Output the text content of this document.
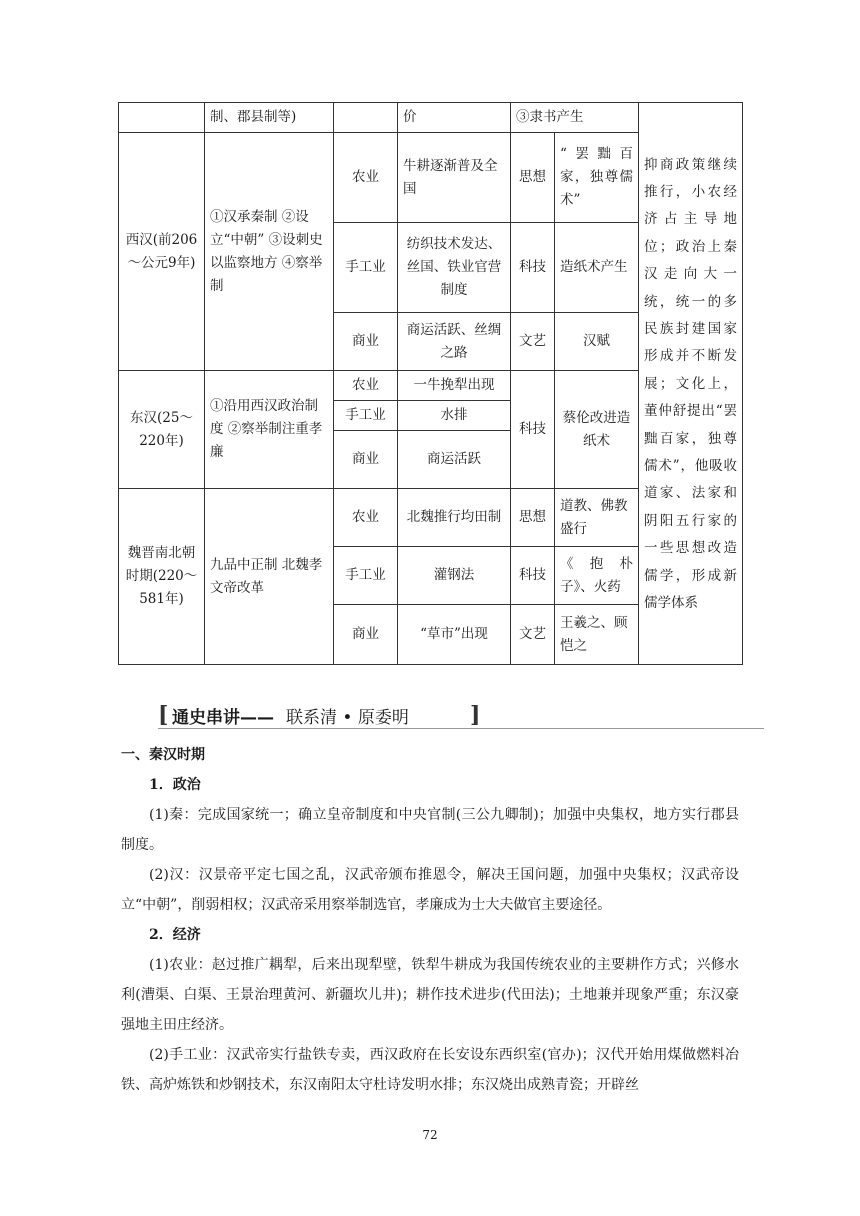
	制、郡县制等)		价	③隶书产生		抑商政策继续推行，小农经济占主导地位；政治上秦汉走向大一统，统一的多民族封建国家形成并不断发展；文化上，董仲舒提出“罢黜百家，独尊儒术”，他吸收道家、法家和阴阳五行家的一些思想改造儒学，形成新儒学体系
西汉(前206～公元9年)	①汉承秦制 ②设立“中朝” ③设刺史以监察地方 ④察举制	农业	牛耕逐渐普及全国	思想	“罢黜百家，独尊儒术”	
		手工业	纺织技术发达、丝国、铁业官营制度	科技	造纸术产生	
		商业	商运活跃、丝绸之路	文艺	汉赋	
东汉(25～220年)	①沿用西汉政治制度 ②察举制注重孝廉	农业	一牛挽犁出现	科技	蔡伦改进造纸术	
		手工业	水排			
		商业	商运活跃			
魏晋南北朝时期(220～581年)	九品中正制 北魏孝文帝改革	农业	北魏推行均田制	思想	道教、佛教盛行	
		手工业	灌钢法	科技	《抱朴子》、火药	
		商业	“草市”出现	文艺	王羲之、顾恺之	
[ 通史串讲—— 联系清 • 原委明	]
一、秦汉时期
1．政治
(1)秦：完成国家统一；确立皇帝制度和中央官制(三公九卿制)；加强中央集权，地方实行郡县制度。
(2)汉：汉景帝平定七国之乱，汉武帝颁布推恩令，解决王国问题，加强中央集权；汉武帝设立“中朝”，削弱相权；汉武帝采用察举制选官，孝廉成为士大夫做官主要途径。
2．经济
(1)农业：赵过推广耦犁，后来出现犁壁，铁犁牛耕成为我国传统农业的主要耕作方式；兴修水利(漕渠、白渠、王景治理黄河、新疆坎儿井)；耕作技术进步(代田法)；土地兼并现象严重；东汉豪强地主田庄经济。
(2)手工业：汉武帝实行盐铁专卖，西汉政府在长安设东西织室(官办)；汉代开始用煤做燃料冶铁、高炉炼铁和炒钢技术，东汉南阳太守杜诗发明水排；东汉烧出成熟青瓷；开辟丝
72
